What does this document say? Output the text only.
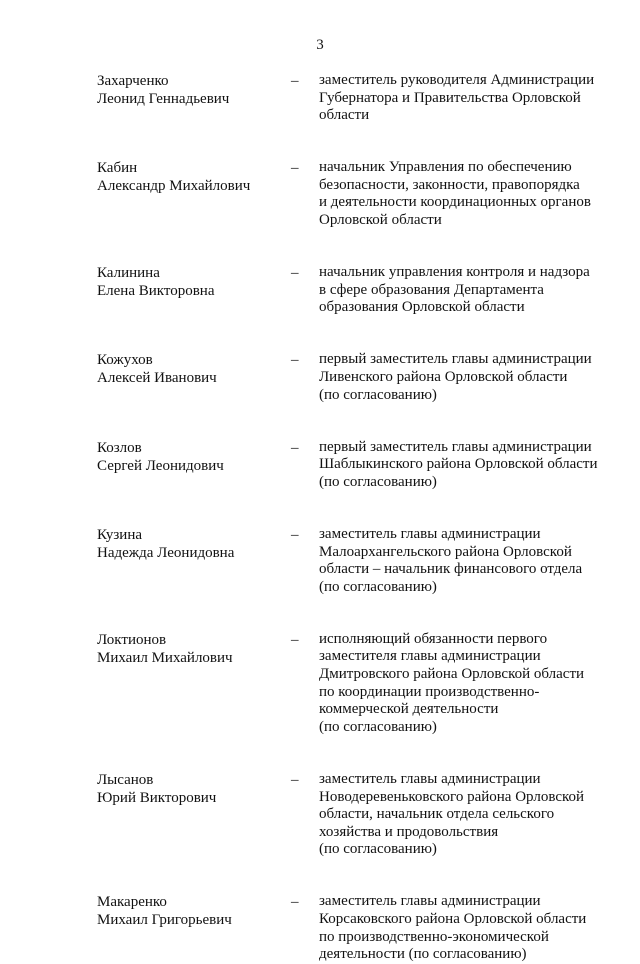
3
Захарченко
Леонид Геннадьевич
– заместитель руководителя Администрации
Губернатора и Правительства Орловской
области
Кабин
Александр Михайлович
– начальник Управления по обеспечению
безопасности, законности, правопорядка
и деятельности координационных органов
Орловской области
Калинина
Елена Викторовна
– начальник управления контроля и надзора
в сфере образования Департамента
образования Орловской области
Кожухов
Алексей Иванович
– первый заместитель главы администрации
Ливенского района Орловской области
(по согласованию)
Козлов
Сергей Леонидович
– первый заместитель главы администрации
Шаблыкинского района Орловской области
(по согласованию)
Кузина
Надежда Леонидовна
– заместитель главы администрации
Малоархангельского района Орловской
области – начальник финансового отдела
(по согласованию)
Локтионов
Михаил Михайлович
– исполняющий обязанности первого
заместителя главы администрации
Дмитровского района Орловской области
по координации производственно-
коммерческой деятельности
(по согласованию)
Лысанов
Юрий Викторович
– заместитель главы администрации
Новодеревеньковского района Орловской
области, начальник отдела сельского
хозяйства и продовольствия
(по согласованию)
Макаренко
Михаил Григорьевич
– заместитель главы администрации
Корсаковского района Орловской области
по производственно-экономической
деятельности (по согласованию)
